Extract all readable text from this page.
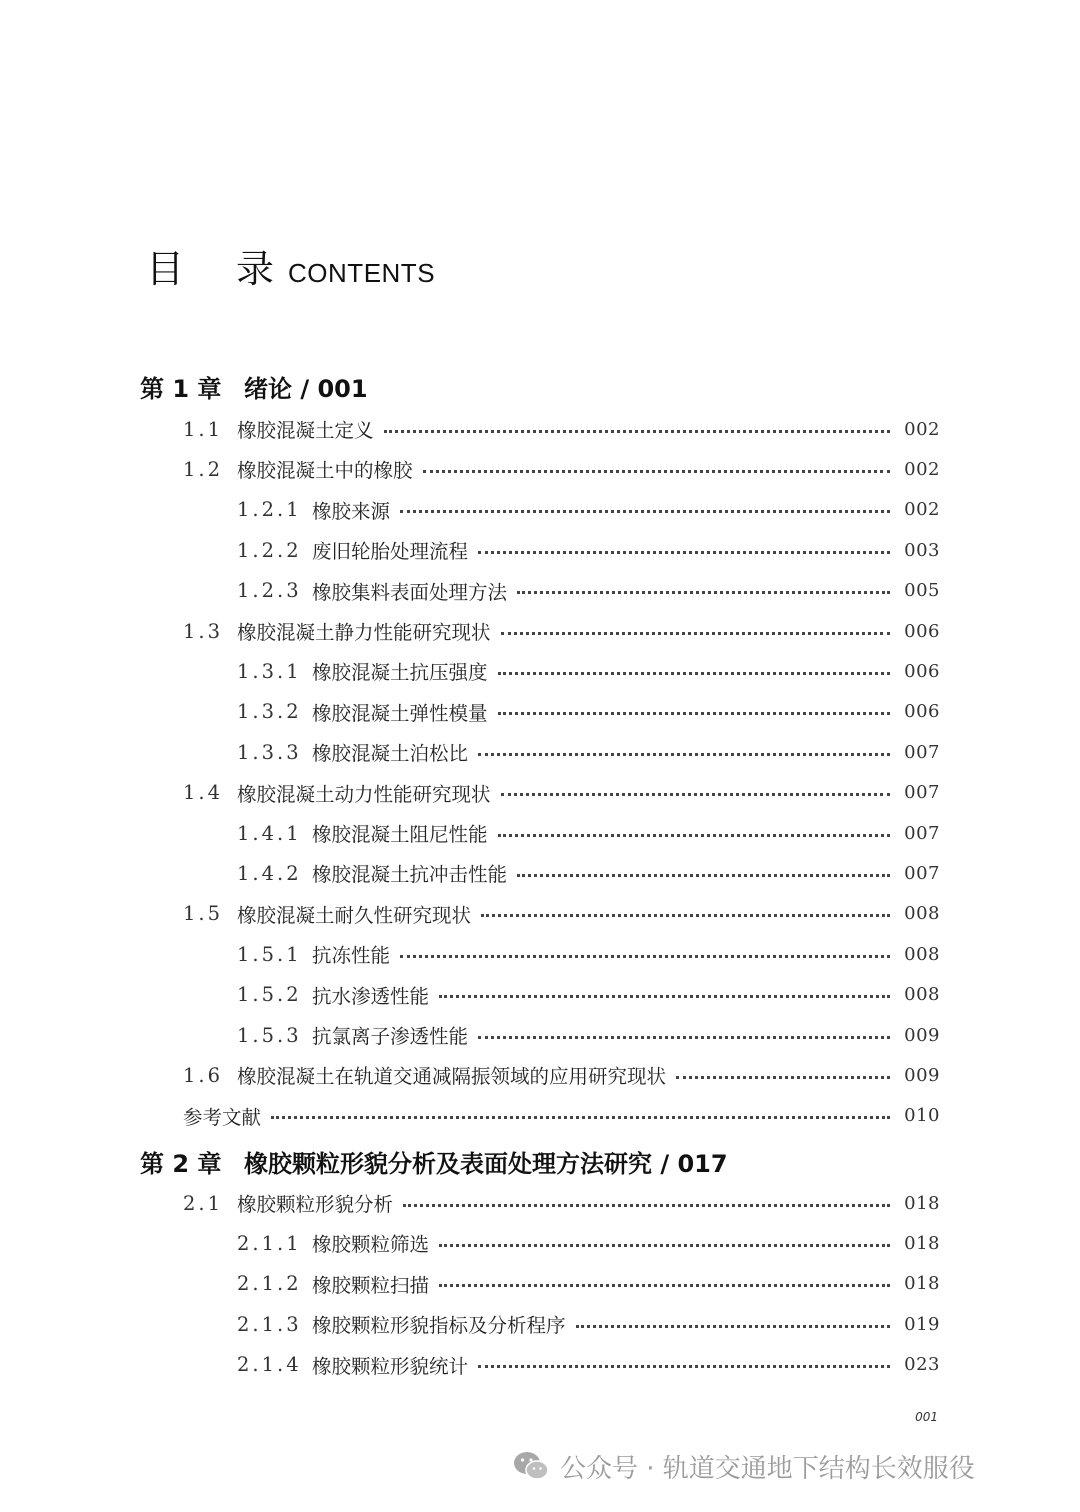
目 录 CONTENTS
第 1 章 绪论 / 001
1.1 橡胶混凝土定义	002
1.2 橡胶混凝土中的橡胶	002
1.2.1 橡胶来源	002
1.2.2 废旧轮胎处理流程	003
1.2.3 橡胶集料表面处理方法	005
1.3 橡胶混凝土静力性能研究现状	006
1.3.1 橡胶混凝土抗压强度	006
1.3.2 橡胶混凝土弹性模量	006
1.3.3 橡胶混凝土泊松比	007
1.4 橡胶混凝土动力性能研究现状	007
1.4.1 橡胶混凝土阻尼性能	007
1.4.2 橡胶混凝土抗冲击性能	007
1.5 橡胶混凝土耐久性研究现状	008
1.5.1 抗冻性能	008
1.5.2 抗水渗透性能	008
1.5.3 抗氯离子渗透性能	009
1.6 橡胶混凝土在轨道交通减隔振领域的应用研究现状	009
参考文献	010
第 2 章 橡胶颗粒形貌分析及表面处理方法研究 / 017
2.1 橡胶颗粒形貌分析	018
2.1.1 橡胶颗粒筛选	018
2.1.2 橡胶颗粒扫描	018
2.1.3 橡胶颗粒形貌指标及分析程序	019
2.1.4 橡胶颗粒形貌统计	023
001
公众号 · 轨道交通地下结构长效服役
